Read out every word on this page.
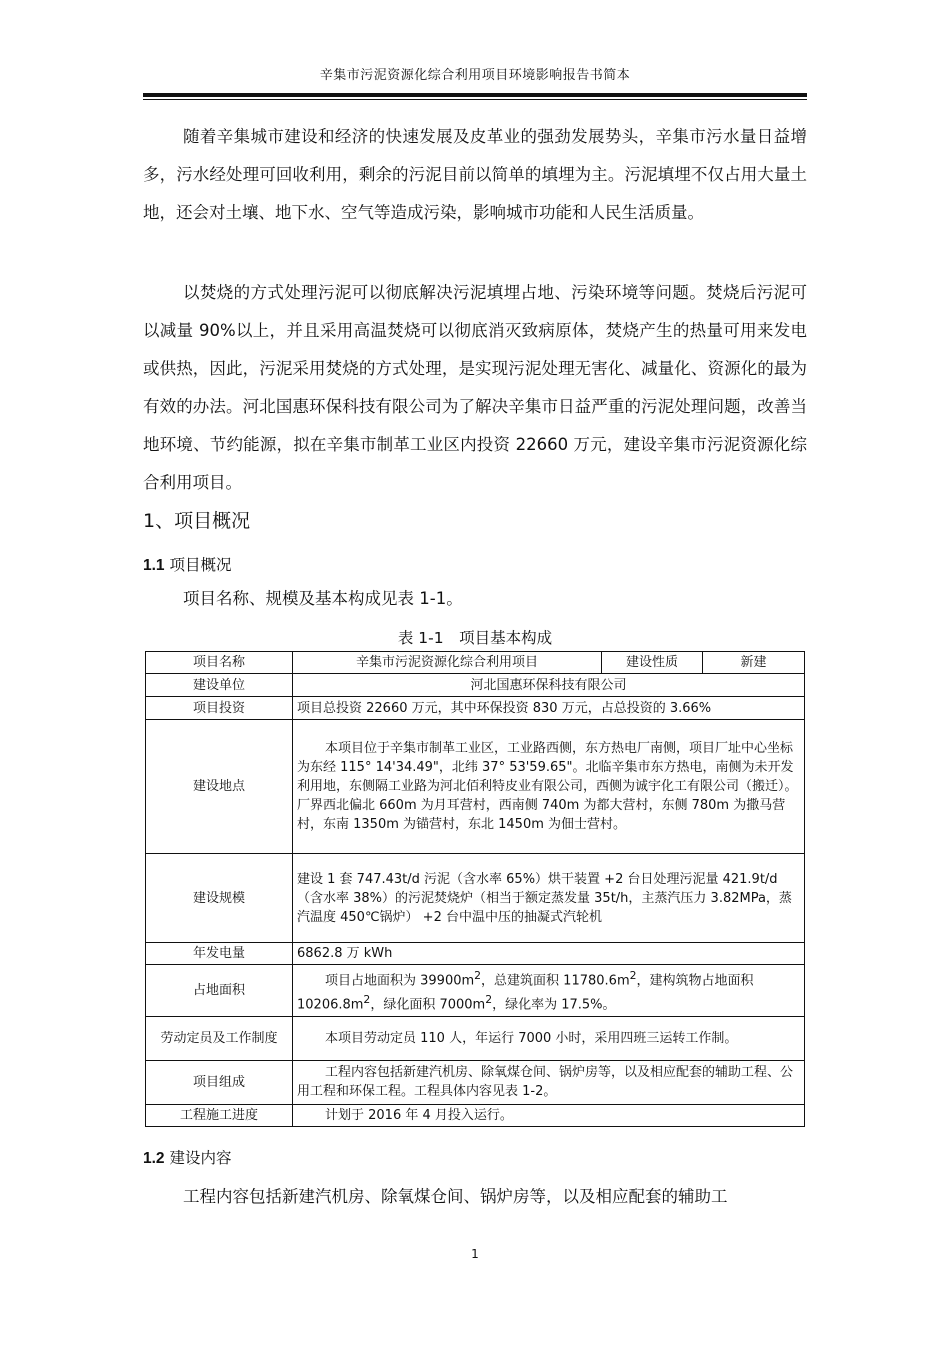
辛集市污泥资源化综合利用项目环境影响报告书简本

随着辛集城市建设和经济的快速发展及皮革业的强劲发展势头，辛集市污水量日益增多，污水经处理可回收利用，剩余的污泥目前以简单的填埋为主。污泥填埋不仅占用大量土地，还会对土壤、地下水、空气等造成污染，影响城市功能和人民生活质量。

以焚烧的方式处理污泥可以彻底解决污泥填埋占地、污染环境等问题。焚烧后污泥可以减量 90%以上，并且采用高温焚烧可以彻底消灭致病原体，焚烧产生的热量可用来发电或供热，因此，污泥采用焚烧的方式处理，是实现污泥处理无害化、减量化、资源化的最为有效的办法。河北国惠环保科技有限公司为了解决辛集市日益严重的污泥处理问题，改善当地环境、节约能源，拟在辛集市制革工业区内投资 22660 万元，建设辛集市污泥资源化综合利用项目。

1、项目概况
1.1 项目概况
项目名称、规模及基本构成见表 1-1。
表 1-1　项目基本构成
项目名称	辛集市污泥资源化综合利用项目	建设性质	新建
建设单位	河北国惠环保科技有限公司		
项目投资	项目总投资 22660 万元，其中环保投资 830 万元，占总投资的 3.66%		
建设地点	本项目位于辛集市制革工业区，工业路西侧，东方热电厂南侧，项目厂址中心坐标为东经 115° 14'34.49"，北纬 37° 53'59.65"。北临辛集市东方热电，南侧为未开发利用地，东侧隔工业路为河北佰利特皮业有限公司，西侧为诚宇化工有限公司（搬迁）。厂界西北偏北 660m 为月耳营村，西南侧 740m 为都大营村，东侧 780m 为撒马营村，东南 1350m 为锚营村，东北 1450m 为佃士营村。		
建设规模	建设 1 套 747.43t/d 污泥（含水率 65%）烘干装置 +2 台日处理污泥量 421.9t/d（含水率 38%）的污泥焚烧炉（相当于额定蒸发量 35t/h，主蒸汽压力 3.82MPa，蒸汽温度 450℃锅炉） +2 台中温中压的抽凝式汽轮机		
年发电量	6862.8 万 kWh		
占地面积	项目占地面积为 $39900m^2$，总建筑面积 $11780.6m^2$，建构筑物占地面积 $10206.8m^2$，绿化面积 $7000m^2$，绿化率为 17.5%。		
劳动定员及工作制度	本项目劳动定员 110 人，年运行 7000 小时，采用四班三运转工作制。		
项目组成	工程内容包括新建汽机房、除氧煤仓间、锅炉房等，以及相应配套的辅助工程、公用工程和环保工程。工程具体内容见表 1-2。		
工程施工进度	计划于 2016 年 4 月投入运行。		
1.2 建设内容
工程内容包括新建汽机房、除氧煤仓间、锅炉房等，以及相应配套的辅助工
1
